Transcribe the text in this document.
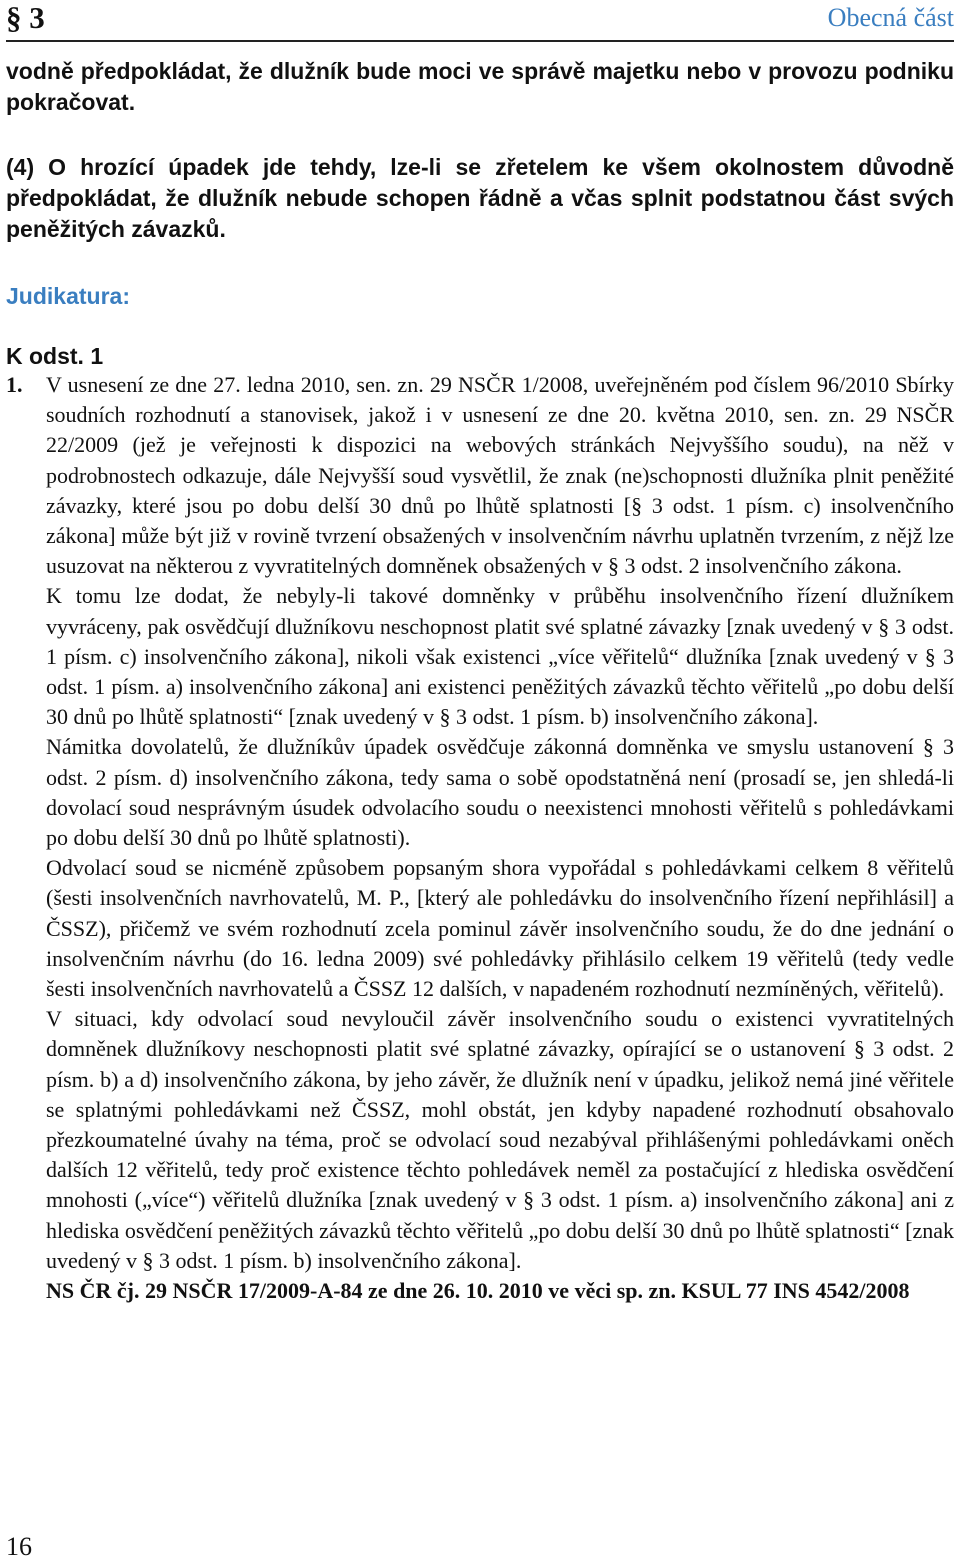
§ 3	Obecná část
vodně předpokládat, že dlužník bude moci ve správě majetku nebo v provozu podniku pokračovat.
(4) O hrozící úpadek jde tehdy, lze-li se zřetelem ke všem okolnostem důvodně předpokládat, že dlužník nebude schopen řádně a včas splnit podstatnou část svých peněžitých závazků.
Judikatura:
K odst. 1
1. V usnesení ze dne 27. ledna 2010, sen. zn. 29 NSČR 1/2008, uveřejněném pod číslem 96/2010 Sbírky soudních rozhodnutí a stanovisek, jakož i v usnesení ze dne 20. května 2010, sen. zn. 29 NSČR 22/2009 (jež je veřejnosti k dispozici na webových stránkách Nejvyššího soudu), na něž v podrobnostech odkazuje, dále Nejvyšší soud vysvětlil, že znak (ne)schopnosti dlužníka plnit peněžité závazky, které jsou po dobu delší 30 dnů po lhůtě splatnosti [§ 3 odst. 1 písm. c) insolvenčního zákona] může být již v rovině tvrzení obsažených v insolvenčním návrhu uplatněn tvrzením, z nějž lze usuzovat na některou z vyvratitelných domněnek obsažených v § 3 odst. 2 insolvenčního zákona.

K tomu lze dodat, že nebyly-li takové domněnky v průběhu insolvenčního řízení dlužníkem vyvráceny, pak osvědčují dlužníkovu neschopnost platit své splatné závazky [znak uvedený v § 3 odst. 1 písm. c) insolvenčního zákona], nikoli však existenci „více věřitelů“ dlužníka [znak uvedený v § 3 odst. 1 písm. a) insolvenčního zákona] ani existenci peněžitých závazků těchto věřitelů „po dobu delší 30 dnů po lhůtě splatnosti“ [znak uvedený v § 3 odst. 1 písm. b) insolvenčního zákona].

Námitka dovolatelů, že dlužníkův úpadek osvědčuje zákonná domněnka ve smyslu ustanovení § 3 odst. 2 písm. d) insolvenčního zákona, tedy sama o sobě opodstatněná není (prosadí se, jen shledá-li dovolací soud nesprávným úsudek odvolacího soudu o neexistenci mnohosti věřitelů s pohledávkami po dobu delší 30 dnů po lhůtě splatnosti).

Odvolací soud se nicméně způsobem popsaným shora vypořádal s pohledávkami celkem 8 věřitelů (šesti insolvenčních navrhovatelů, M. P., [který ale pohledávku do insolvenčního řízení nepřihlásil] a ČSSZ), přičemž ve svém rozhodnutí zcela pominul závěr insolvenčního soudu, že do dne jednání o insolvenčním návrhu (do 16. ledna 2009) své pohledávky přihlásilo celkem 19 věřitelů (tedy vedle šesti insolvenčních navrhovatelů a ČSSZ 12 dalších, v napadeném rozhodnutí nezmíněných, věřitelů).

V situaci, kdy odvolací soud nevyloučil závěr insolvenčního soudu o existenci vyvratitelných domněnek dlužníkovy neschopnosti platit své splatné závazky, opírající se o ustanovení § 3 odst. 2 písm. b) a d) insolvenčního zákona, by jeho závěr, že dlužník není v úpadku, jelikož nemá jiné věřitele se splatnými pohledávkami než ČSSZ, mohl obstát, jen kdyby napadené rozhodnutí obsahovalo přezkoumatelné úvahy na téma, proč se odvolací soud nezabýval přihlášenými pohledávkami oněch dalších 12 věřitelů, tedy proč existence těchto pohledávek neměl za postačující z hlediska osvědčení mnohosti („více“) věřitelů dlužníka [znak uvedený v § 3 odst. 1 písm. a) insolvenčního zákona] ani z hlediska osvědčení peněžitých závazků těchto věřitelů „po dobu delší 30 dnů po lhůtě splatnosti“ [znak uvedený v § 3 odst. 1 písm. b) insolvenčního zákona].

NS ČR čj. 29 NSČR 17/2009-A-84 ze dne 26. 10. 2010 ve věci sp. zn. KSUL 77 INS 4542/2008

16
